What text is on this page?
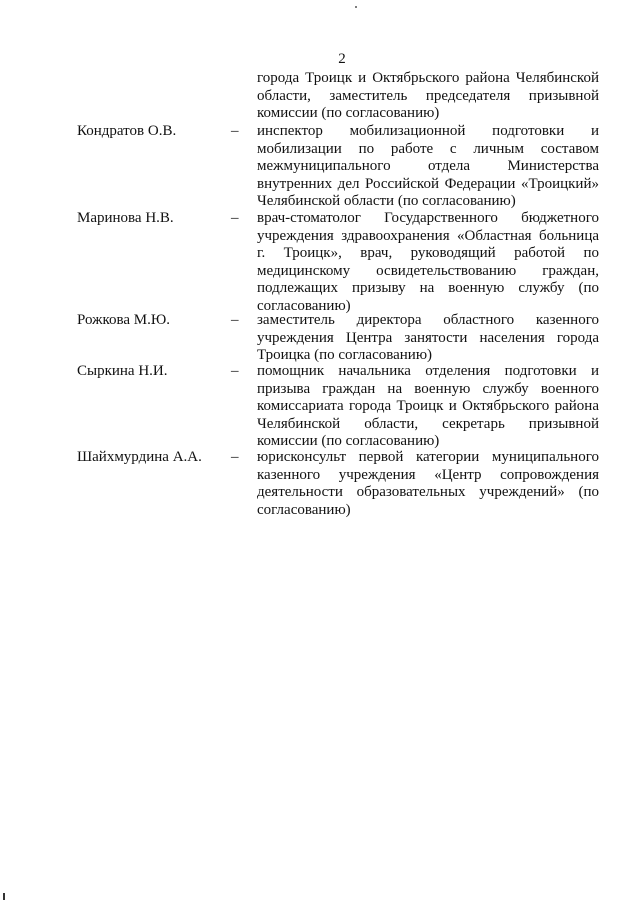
2
города Троицк и Октябрьского района Челябинской области, заместитель председателя призывной комиссии (по согласованию)
Кондратов О.В.	– инспектор мобилизационной подготовки и мобилизации по работе с личным составом межмуниципального отдела Министерства внутренних дел Российской Федерации «Троицкий» Челябинской области (по согласованию)
Маринова Н.В.	– врач-стоматолог Государственного бюджетного учреждения здравоохранения «Областная больница г. Троицк», врач, руководящий работой по медицинскому освидетельствованию граждан, подлежащих призыву на военную службу (по согласованию)
Рожкова М.Ю.	– заместитель директора областного казенного учреждения Центра занятости населения города Троицка (по согласованию)
Сыркина Н.И.	– помощник начальника отделения подготовки и призыва граждан на военную службу военного комиссариата города Троицк и Октябрьского района Челябинской области, секретарь призывной комиссии (по согласованию)
Шайхмурдина А.А. – юрисконсульт первой категории муниципального казенного учреждения «Центр сопровождения деятельности образовательных учреждений» (по согласованию)
